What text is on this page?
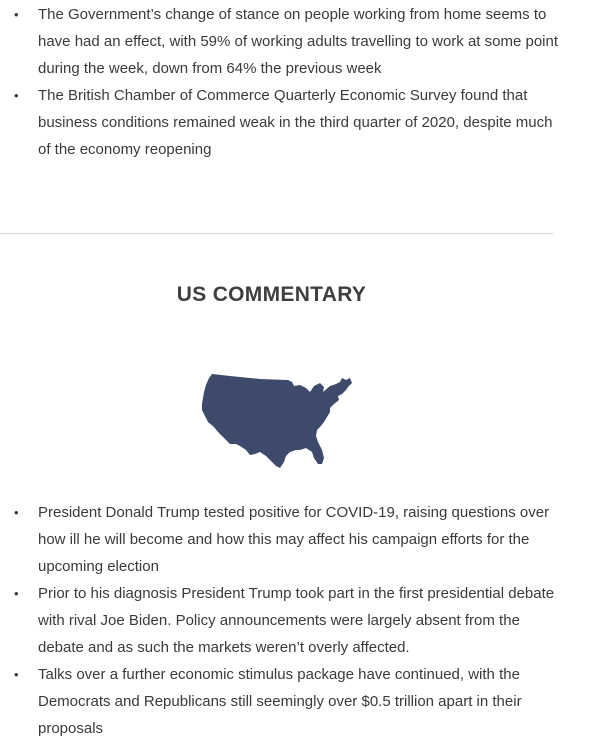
• The Government’s change of stance on people working from home seems to have had an effect, with 59% of working adults travelling to work at some point during the week, down from 64% the previous week
• The British Chamber of Commerce Quarterly Economic Survey found that business conditions remained weak in the third quarter of 2020, despite much of the economy reopening
US COMMENTARY
• President Donald Trump tested positive for COVID-19, raising questions over how ill he will become and how this may affect his campaign efforts for the upcoming election
• Prior to his diagnosis President Trump took part in the first presidential debate with rival Joe Biden. Policy announcements were largely absent from the debate and as such the markets weren’t overly affected.
• Talks over a further economic stimulus package have continued, with the Democrats and Republicans still seemingly over $0.5 trillion apart in their proposals
